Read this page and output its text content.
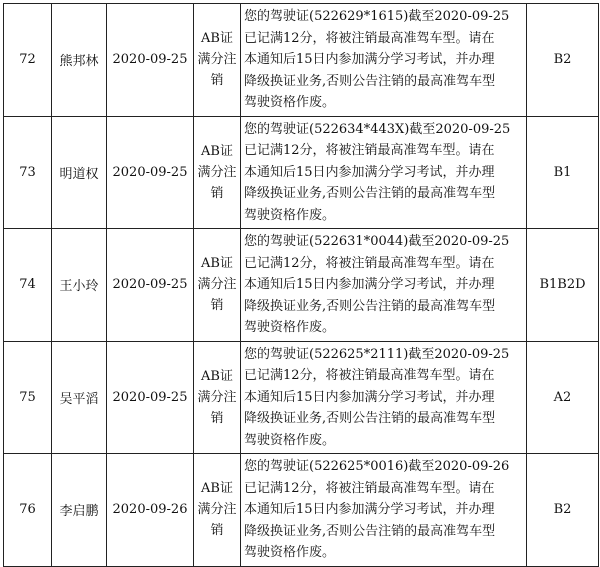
72	熊邦林	2020-09-25	AB证
满分注
销	您的驾驶证(522629*1615)截至2020-09-25
已记满12分，将被注销最高准驾车型。请在
本通知后15日内参加满分学习考试，并办理
降级换证业务,否则公告注销的最高准驾车型
驾驶资格作废。	B2
73	明道权	2020-09-25	AB证
满分注
销	您的驾驶证(522634*443X)截至2020-09-25
已记满12分，将被注销最高准驾车型。请在
本通知后15日内参加满分学习考试，并办理
降级换证业务,否则公告注销的最高准驾车型
驾驶资格作废。	B1
74	王小玲	2020-09-25	AB证
满分注
销	您的驾驶证(522631*0044)截至2020-09-25
已记满12分，将被注销最高准驾车型。请在
本通知后15日内参加满分学习考试，并办理
降级换证业务,否则公告注销的最高准驾车型
驾驶资格作废。	B1B2D
75	吴平滔	2020-09-25	AB证
满分注
销	您的驾驶证(522625*2111)截至2020-09-25
已记满12分，将被注销最高准驾车型。请在
本通知后15日内参加满分学习考试，并办理
降级换证业务,否则公告注销的最高准驾车型
驾驶资格作废。	A2
76	李启鹏	2020-09-26	AB证
满分注
销	您的驾驶证(522625*0016)截至2020-09-26
已记满12分，将被注销最高准驾车型。请在
本通知后15日内参加满分学习考试，并办理
降级换证业务,否则公告注销的最高准驾车型
驾驶资格作废。	B2
